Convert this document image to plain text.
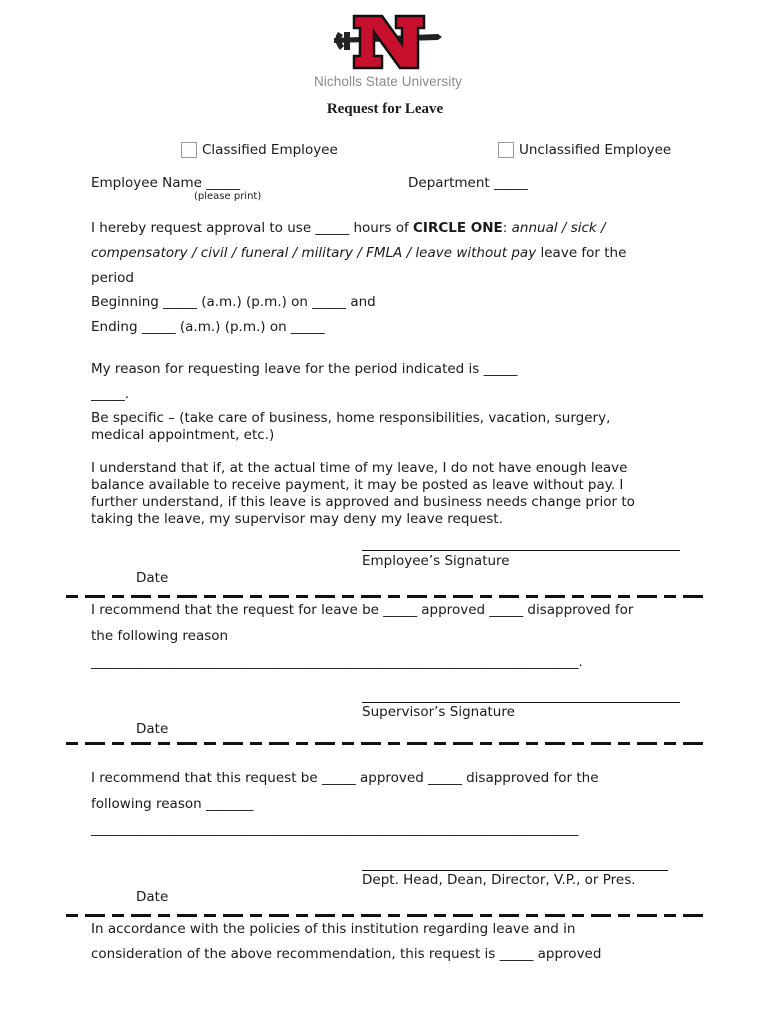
Nicholls State University
Request for Leave
Classified Employee	Unclassified Employee
Employee Name _____
(please print)
Department _____
I hereby request approval to use _____ hours of CIRCLE ONE: annual / sick /
compensatory / civil / funeral / military / FMLA / leave without pay leave for the
period
Beginning _____ (a.m.) (p.m.) on _____ and
Ending _____ (a.m.) (p.m.) on _____
My reason for requesting leave for the period indicated is _____
_____.
Be specific – (take care of business, home responsibilities, vacation, surgery, medical appointment, etc.)
I understand that if, at the actual time of my leave, I do not have enough leave balance available to receive payment, it may be posted as leave without pay. I further understand, if this leave is approved and business needs change prior to taking the leave, my supervisor may deny my leave request.
Employee’s Signature
Date
I recommend that the request for leave be _____ approved _____ disapproved for
the following reason
___________________________________________________________________________.
Supervisor’s Signature
Date
I recommend that this request be _____ approved _____ disapproved for the
following reason _______
___________________________________________________________________________
Dept. Head, Dean, Director, V.P., or Pres.
Date
In accordance with the policies of this institution regarding leave and in
consideration of the above recommendation, this request is _____ approved
